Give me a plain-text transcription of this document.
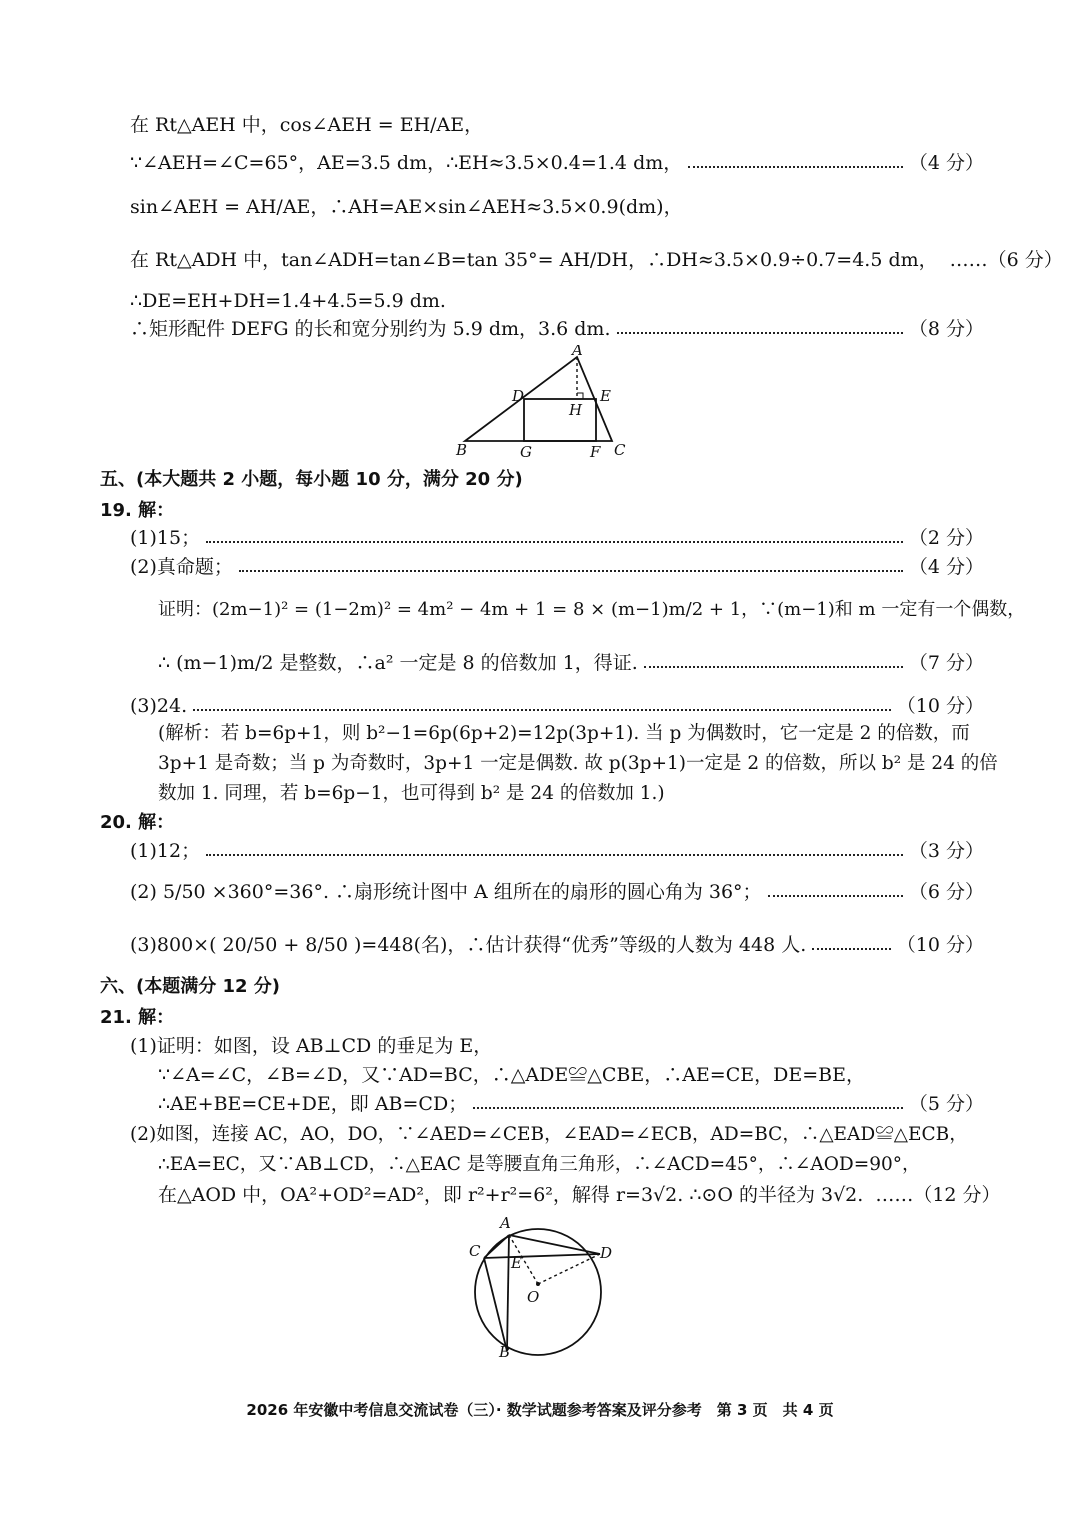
在 Rt△AEH 中，cos∠AEH = EH/AE，
∵∠AEH=∠C=65°，AE=3.5 dm，∴EH≈3.5×0.4=1.4 dm，	（4 分）
sin∠AEH = AH/AE，∴AH=AE×sin∠AEH≈3.5×0.9(dm)，
在 Rt△ADH 中，tan∠ADH=tan∠B=tan 35°= AH/DH，∴DH≈3.5×0.9÷0.7=4.5 dm， ……（6 分）
∴DE=EH+DH=1.4+4.5=5.9 dm.
∴矩形配件 DEFG 的长和宽分别约为 5.9 dm，3.6 dm.	（8 分）
A
D	E
H
B	G	F C
五、(本大题共 2 小题，每小题 10 分，满分 20 分)
19. 解：
(1)15；	（2 分）
(2)真命题；	（4 分）
证明：(2m−1)² = (1−2m)² = 4m² − 4m + 1 = 8 × (m−1)m/2 + 1，∵(m−1)和 m 一定有一个偶数，
∴ (m−1)m/2 是整数，∴a² 一定是 8 的倍数加 1，得证.	（7 分）
(3)24.	（10 分）
(解析：若 b=6p+1，则 b²−1=6p(6p+2)=12p(3p+1). 当 p 为偶数时，它一定是 2 的倍数，而
3p+1 是奇数；当 p 为奇数时，3p+1 一定是偶数. 故 p(3p+1)一定是 2 的倍数，所以 b² 是 24 的倍
数加 1. 同理，若 b=6p−1，也可得到 b² 是 24 的倍数加 1.)
20. 解：
(1)12；	（3 分）
(2) 5/50 ×360°=36°. ∴扇形统计图中 A 组所在的扇形的圆心角为 36°；	（6 分）
(3)800×( 20/50 + 8/50 )=448(名)，∴估计获得“优秀”等级的人数为 448 人.	（10 分）
六、(本题满分 12 分)
21. 解：
(1)证明：如图，设 AB⊥CD 的垂足为 E，
∵∠A=∠C，∠B=∠D，又∵AD=BC，∴△ADE≌△CBE，∴AE=CE，DE=BE，
∴AE+BE=CE+DE，即 AB=CD；	（5 分）
(2)如图，连接 AC，AO，DO，∵∠AED=∠CEB，∠EAD=∠ECB，AD=BC，∴△EAD≌△ECB，
∴EA=EC，又∵AB⊥CD，∴△EAC 是等腰直角三角形，∴∠ACD=45°，∴∠AOD=90°，
在△AOD 中，OA²+OD²=AD²，即 r²+r²=6²，解得 r=3√2. ∴⊙O 的半径为 3√2. ……（12 分）
A
C	D
E
O
B
2026 年安徽中考信息交流试卷（三）· 数学试题参考答案及评分参考　第 3 页　共 4 页
